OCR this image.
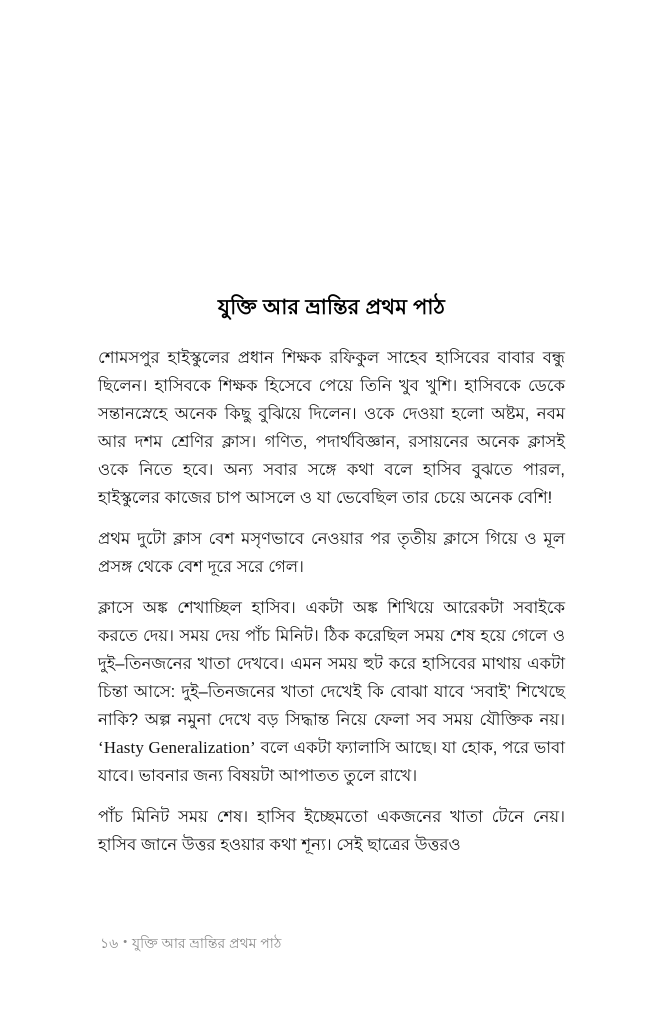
যুক্তি আর ভ্রান্তির প্রথম পাঠ

শোমসপুর হাইস্কুলের প্রধান শিক্ষক রফিকুল সাহেব হাসিবের বাবার বন্ধু ছিলেন। হাসিবকে শিক্ষক হিসেবে পেয়ে তিনি খুব খুশি। হাসিবকে ডেকে সন্তানস্নেহে অনেক কিছু বুঝিয়ে দিলেন। ওকে দেওয়া হলো অষ্টম, নবম আর দশম শ্রেণির ক্লাস। গণিত, পদার্থবিজ্ঞান, রসায়নের অনেক ক্লাসই ওকে নিতে হবে। অন্য সবার সঙ্গে কথা বলে হাসিব বুঝতে পারল, হাইস্কুলের কাজের চাপ আসলে ও যা ভেবেছিল তার চেয়ে অনেক বেশি!

প্রথম দুটো ক্লাস বেশ মসৃণভাবে নেওয়ার পর তৃতীয় ক্লাসে গিয়ে ও মূল প্রসঙ্গ থেকে বেশ দূরে সরে গেল।

ক্লাসে অঙ্ক শেখাচ্ছিল হাসিব। একটা অঙ্ক শিখিয়ে আরেকটা সবাইকে করতে দেয়। সময় দেয় পাঁচ মিনিট। ঠিক করেছিল সময় শেষ হয়ে গেলে ও দুই–তিনজনের খাতা দেখবে। এমন সময় হুট করে হাসিবের মাথায় একটা চিন্তা আসে: দুই–তিনজনের খাতা দেখেই কি বোঝা যাবে ‘সবাই’ শিখেছে নাকি? অল্প নমুনা দেখে বড় সিদ্ধান্ত নিয়ে ফেলা সব সময় যৌক্তিক নয়। ‘Hasty Generalization’ বলে একটা ফ্যালাসি আছে। যা হোক, পরে ভাবা যাবে। ভাবনার জন্য বিষয়টা আপাতত তুলে রাখে।

পাঁচ মিনিট সময় শেষ। হাসিব ইচ্ছেমতো একজনের খাতা টেনে নেয়। হাসিব জানে উত্তর হওয়ার কথা শূন্য। সেই ছাত্রের উত্তরও

১৬ • যুক্তি আর ভ্রান্তির প্রথম পাঠ
